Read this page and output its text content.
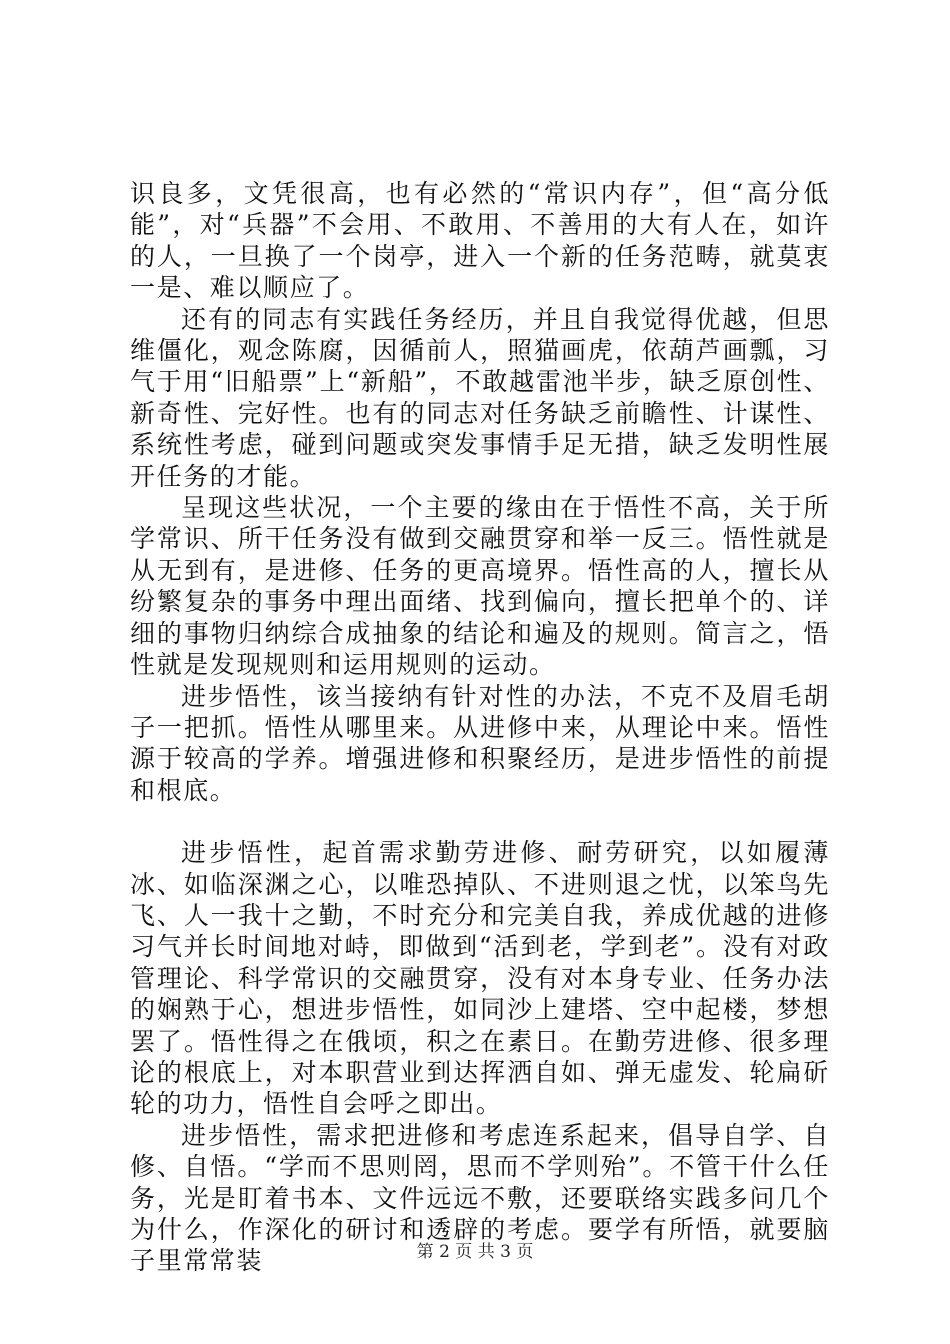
识良多，文凭很高，也有必然的“常识内存”，但“高分低能”，对“兵器”不会用、不敢用、不善用的大有人在，如许的人，一旦换了一个岗亭，进入一个新的任务范畴，就莫衷一是、难以顺应了。

还有的同志有实践任务经历，并且自我觉得优越，但思维僵化，观念陈腐，因循前人，照猫画虎，依葫芦画瓢，习气于用“旧船票”上“新船”，不敢越雷池半步，缺乏原创性、新奇性、完好性。也有的同志对任务缺乏前瞻性、计谋性、系统性考虑，碰到问题或突发事情手足无措，缺乏发明性展开任务的才能。

呈现这些状况，一个主要的缘由在于悟性不高，关于所学常识、所干任务没有做到交融贯穿和举一反三。悟性就是从无到有，是进修、任务的更高境界。悟性高的人，擅长从纷繁复杂的事务中理出面绪、找到偏向，擅长把单个的、详细的事物归纳综合成抽象的结论和遍及的规则。简言之，悟性就是发现规则和运用规则的运动。

进步悟性，该当接纳有针对性的办法，不克不及眉毛胡子一把抓。悟性从哪里来。从进修中来，从理论中来。悟性源于较高的学养。增强进修和积聚经历，是进步悟性的前提和根底。

进步悟性，起首需求勤劳进修、耐劳研究，以如履薄冰、如临深渊之心，以唯恐掉队、不进则退之忧，以笨鸟先飞、人一我十之勤，不时充分和完美自我，养成优越的进修习气并长时间地对峙，即做到“活到老，学到老”。没有对政管理论、科学常识的交融贯穿，没有对本身专业、任务办法的娴熟于心，想进步悟性，如同沙上建塔、空中起楼，梦想罢了。悟性得之在俄顷，积之在素日。在勤劳进修、很多理论的根底上，对本职营业到达挥洒自如、弹无虚发、轮扁斫轮的功力，悟性自会呼之即出。

进步悟性，需求把进修和考虑连系起来，倡导自学、自修、自悟。“学而不思则罔，思而不学则殆”。不管干什么任务，光是盯着书本、文件远远不敷，还要联络实践多问几个为什么，作深化的研讨和透辟的考虑。要学有所悟，就要脑子里常常装	第 2 页 共 3 页
